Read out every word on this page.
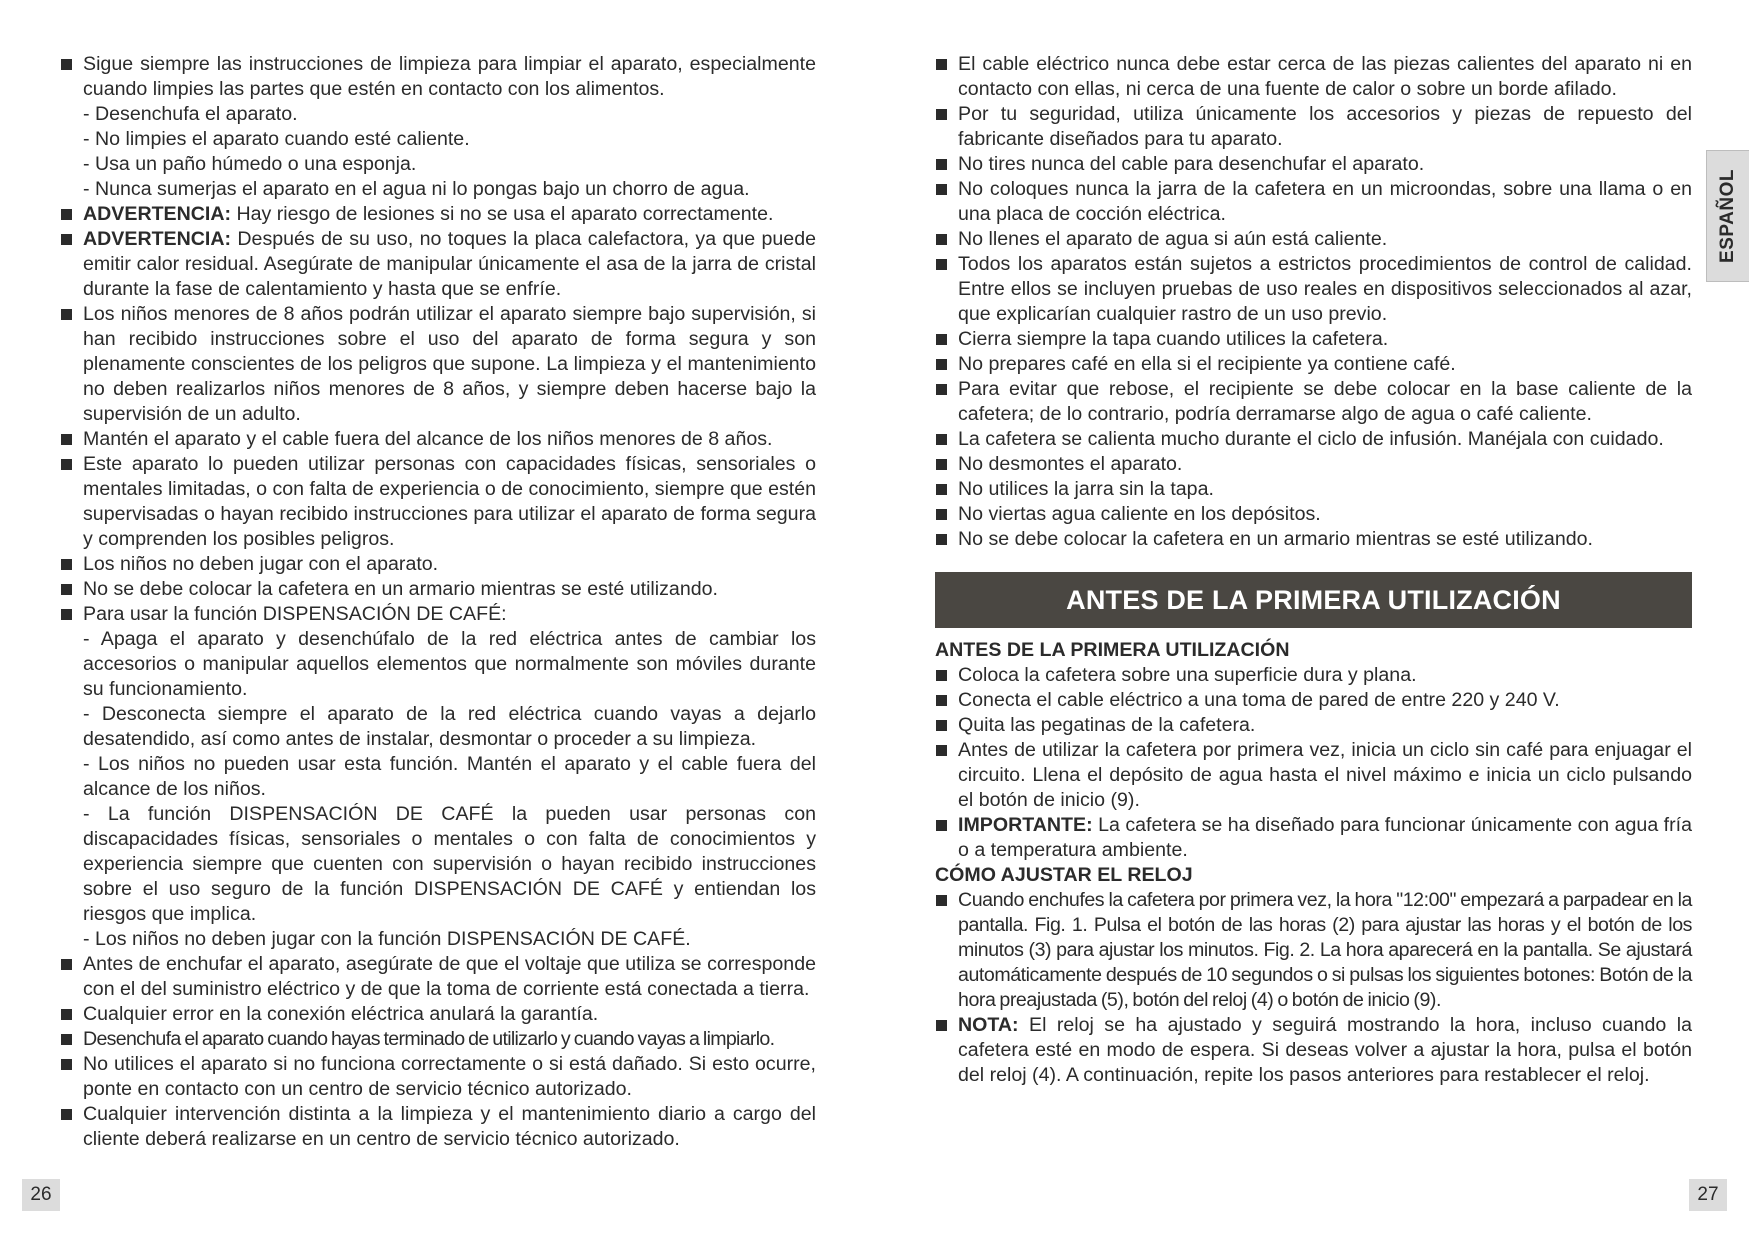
Sigue siempre las instrucciones de limpieza para limpiar el aparato, especialmente cuando limpies las partes que estén en contacto con los alimentos.

- Desenchufa el aparato.

- No limpies el aparato cuando esté caliente.

- Usa un paño húmedo o una esponja.

- Nunca sumerjas el aparato en el agua ni lo pongas bajo un chorro de agua.

ADVERTENCIA: Hay riesgo de lesiones si no se usa el aparato correctamente.

ADVERTENCIA: Después de su uso, no toques la placa calefactora, ya que puede emitir calor residual. Asegúrate de manipular únicamente el asa de la jarra de cristal durante la fase de calentamiento y hasta que se enfríe.

Los niños menores de 8 años podrán utilizar el aparato siempre bajo supervisión, si han recibido instrucciones sobre el uso del aparato de forma segura y son plenamente conscientes de los peligros que supone. La limpieza y el mantenimiento no deben realizarlos niños menores de 8 años, y siempre deben hacerse bajo la supervisión de un adulto.

Mantén el aparato y el cable fuera del alcance de los niños menores de 8 años.

Este aparato lo pueden utilizar personas con capacidades físicas, sensoriales o mentales limitadas, o con falta de experiencia o de conocimiento, siempre que estén supervisadas o hayan recibido instrucciones para utilizar el aparato de forma segura y comprenden los posibles peligros.

Los niños no deben jugar con el aparato.

No se debe colocar la cafetera en un armario mientras se esté utilizando.

Para usar la función DISPENSACIÓN DE CAFÉ:

- Apaga el aparato y desenchúfalo de la red eléctrica antes de cambiar los accesorios o manipular aquellos elementos que normalmente son móviles durante su funcionamiento.

- Desconecta siempre el aparato de la red eléctrica cuando vayas a dejarlo desatendido, así como antes de instalar, desmontar o proceder a su limpieza.

- Los niños no pueden usar esta función. Mantén el aparato y el cable fuera del alcance de los niños.

- La función DISPENSACIÓN DE CAFÉ la pueden usar personas con discapacidades físicas, sensoriales o mentales o con falta de conocimientos y experiencia siempre que cuenten con supervisión o hayan recibido instrucciones sobre el uso seguro de la función DISPENSACIÓN DE CAFÉ y entiendan los riesgos que implica.

- Los niños no deben jugar con la función DISPENSACIÓN DE CAFÉ.

Antes de enchufar el aparato, asegúrate de que el voltaje que utiliza se corresponde con el del suministro eléctrico y de que la toma de corriente está conectada a tierra.

Cualquier error en la conexión eléctrica anulará la garantía.

Desenchufa el aparato cuando hayas terminado de utilizarlo y cuando vayas a limpiarlo.

No utilices el aparato si no funciona correctamente o si está dañado. Si esto ocurre, ponte en contacto con un centro de servicio técnico autorizado.

Cualquier intervención distinta a la limpieza y el mantenimiento diario a cargo del cliente deberá realizarse en un centro de servicio técnico autorizado.

El cable eléctrico nunca debe estar cerca de las piezas calientes del aparato ni en contacto con ellas, ni cerca de una fuente de calor o sobre un borde afilado.

Por tu seguridad, utiliza únicamente los accesorios y piezas de repuesto del fabricante diseñados para tu aparato.

No tires nunca del cable para desenchufar el aparato.

No coloques nunca la jarra de la cafetera en un microondas, sobre una llama o en una placa de cocción eléctrica.

No llenes el aparato de agua si aún está caliente.

Todos los aparatos están sujetos a estrictos procedimientos de control de calidad. Entre ellos se incluyen pruebas de uso reales en dispositivos seleccionados al azar, que explicarían cualquier rastro de un uso previo.

Cierra siempre la tapa cuando utilices la cafetera.

No prepares café en ella si el recipiente ya contiene café.

Para evitar que rebose, el recipiente se debe colocar en la base caliente de la cafetera; de lo contrario, podría derramarse algo de agua o café caliente.

La cafetera se calienta mucho durante el ciclo de infusión. Manéjala con cuidado.

No desmontes el aparato.

No utilices la jarra sin la tapa.

No viertas agua caliente en los depósitos.

No se debe colocar la cafetera en un armario mientras se esté utilizando.

ANTES DE LA PRIMERA UTILIZACIÓN

ANTES DE LA PRIMERA UTILIZACIÓN

Coloca la cafetera sobre una superficie dura y plana.

Conecta el cable eléctrico a una toma de pared de entre 220 y 240 V.

Quita las pegatinas de la cafetera.

Antes de utilizar la cafetera por primera vez, inicia un ciclo sin café para enjuagar el circuito. Llena el depósito de agua hasta el nivel máximo e inicia un ciclo pulsando el botón de inicio (9).

IMPORTANTE: La cafetera se ha diseñado para funcionar únicamente con agua fría o a temperatura ambiente.

CÓMO AJUSTAR EL RELOJ

Cuando enchufes la cafetera por primera vez, la hora "12:00" empezará a parpadear en la pantalla. Fig. 1. Pulsa el botón de las horas (2) para ajustar las horas y el botón de los minutos (3) para ajustar los minutos. Fig. 2. La hora aparecerá en la pantalla. Se ajustará automáticamente después de 10 segundos o si pulsas los siguientes botones: Botón de la hora preajustada (5), botón del reloj (4) o botón de inicio (9).

NOTA: El reloj se ha ajustado y seguirá mostrando la hora, incluso cuando la cafetera esté en modo de espera. Si deseas volver a ajustar la hora, pulsa el botón del reloj (4). A continuación, repite los pasos anteriores para restablecer el reloj.

26	27
ESPAÑOL
